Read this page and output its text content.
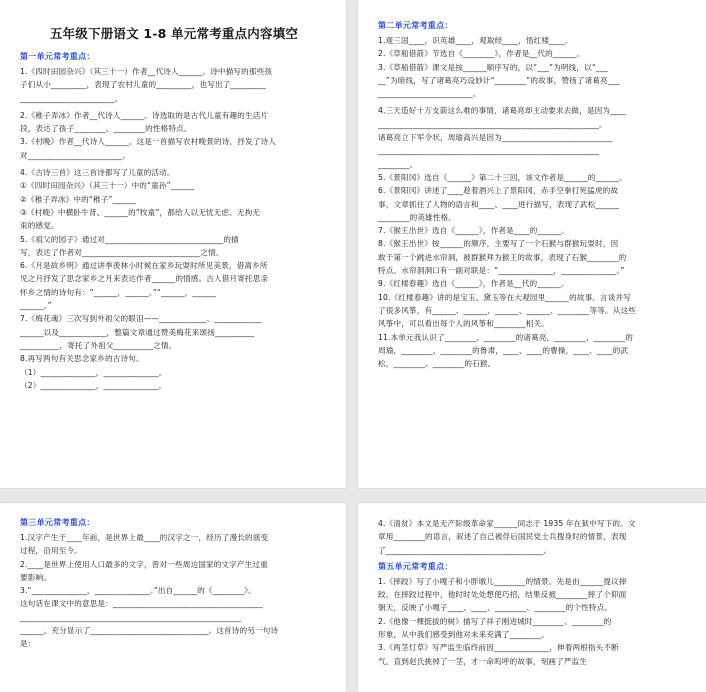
五年级下册语文 1-8 单元常考重点内容填空
第一单元常考重点：
1.《四时田园杂兴》（其三十一）作者__代诗人______。诗中描写的那些孩
子们从小_________，表现了农村儿童的_________，也写出了_________
________________________。
2.《稚子弄冰》作者__代诗人______。诗选取的是古代儿童有趣的生活片
段，表达了孩子________、________的性格特点。
3.《村晚》作者__代诗人______。这是一首描写农村晚景的诗，抒发了诗人
对________________________。
4.《古诗三首》这三首诗都写了儿童的活动。
①《四时田园杂兴》（其三十一）中的“童孙”______
②《稚子弄冰》中的“稚子”______
③《村晚》中横卧牛背、______的“牧童”，都给人以无忧无虑、无拘无
束的感觉。
5.《祖父的园子》通过对______________________________的描
写，表达了作者对______________________________之情。
6.《月是故乡明》通过讲季羡林小时候在家乡玩耍时所见美景，借离乡所
见之月抒发了思念家乡之月来表达作者______的情感。古人借月寄托思亲
怀乡之情的诗句有：“______，______。”“______，______
______。”
7.《梅花魂》三次写到外祖父的眼泪——____________、____________
______以及____________，整篇文章通过赞美梅花来颂扬__________
__________，寄托了外祖父__________之情。
8.再写两句有关思念家乡的古诗句。
（1）______________，______________。
（2）______________，______________。
第二单元常考重点：
1.观三国____，识英雄____，观取经____，悟红楼____。
2.《草船借箭》节选自《________》，作者是__代的______。
3.《草船借箭》课文是按______顺序写的，以“___”为明线，以“___
__”为暗线，写了诸葛亮巧设妙计“________”的故事，赞扬了诸葛亮___
________________________。
4.三天造好十万支箭这么难的事情，诸葛亮却主动要求去做，是因为____
________________________________________________________。
诸葛亮立下军令状，周瑜高兴是因为____________________________
________________________________________________________
________。
5.《景阳冈》选自《______》第二十三回，该文作者是______的______。
6.《景阳冈》讲述了____趁着酒兴上了景阳冈，赤手空拳打死猛虎的故
事，文章抓住了人物的语言和____、____进行描写，表现了武松______
________的英雄性格。
7.《猴王出世》选自《______》，作者是____的______。
8.《猴王出世》按______的顺序，主要写了一个石猴与群猴玩耍时，因
敢于第一个跳进水帘洞，被群猴拜为猴王的故事，表现了石猴________的
特点。水帘洞洞口有一副对联是：“______________，______________。”
9.《红楼春趣》选自《______》，作者是__代的______。
10.《红楼春趣》讲的是宝玉、黛玉等在大观园里______的故事。言谈并写
了很多风筝，有______、______、______、______、________等等。从这些
风筝中，可以看出每个人的风筝和________相关。
11.本单元我认识了________、________的诸葛亮，________、________的
周瑜，________、________的鲁肃，____、____的曹操，____、____的武
松，________、________的石猴。
第三单元常考重点：
1.汉字产生于____年前，是世界上最____的汉字之一，经历了漫长的演变
过程，沿用至今。
2.____是世界上使用人口最多的文字，曾对一些周边国家的文字产生过重
要影响。
3.“______________，______________。”出自______的《________》。
这句话在课文中的意思是：______________________________________
________________________________________________________
______。充分显示了______________________________。这首诗的另一句诗
是：
4.《清贫》本文是无产阶级革命家______同志于 1935 年在狱中写下的。文
章用________的语言，叙述了自己被俘后国民党士兵搜身时的情景，表现
了________________________________________。
第五单元常考重点：
1.《摔跤》写了小嘎子和小胖墩儿________的情景。先是由______提议摔
跤，在摔跤过程中，他时时处处想使巧招，结果反被________摔了个仰面
朝天，反映了小嘎子____、____、________、________的个性特点。
2.《他像一棵挺拔的树》描写了祥子刚进城时________、________的
形象，从中我们感受到他对未来充满了________。
3.《两茎灯草》写严监生临终前因______________，伸着两根指头不断
气，直到赵氏挑掉了一茎，才一命呜呼的故事，刻画了严监生
